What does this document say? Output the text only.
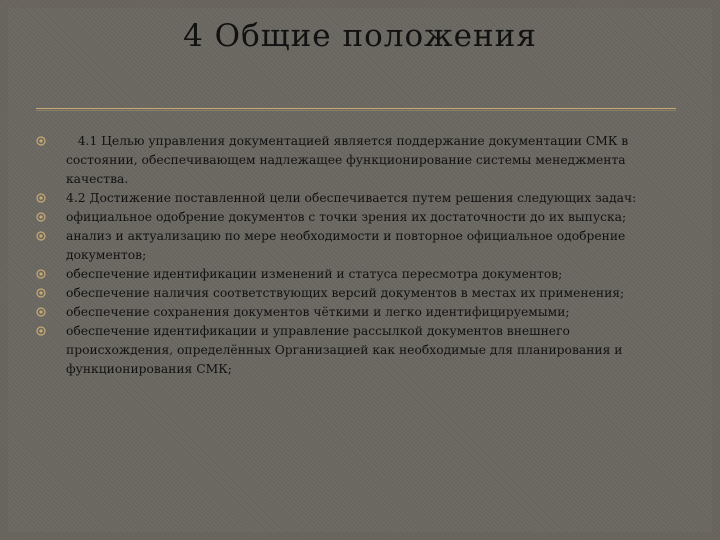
4 Общие положения
4.1 Целью управления документацией является поддержание документации СМК в состоянии, обеспечивающем надлежащее функционирование системы менеджмента качества.
4.2 Достижение поставленной цели обеспечивается путем решения следующих задач:
официальное одобрение документов с точки зрения их достаточности до их выпуска;
анализ и актуализацию по мере необходимости и повторное официальное одобрение документов;
обеспечение идентификации изменений и статуса пересмотра документов;
обеспечение наличия соответствующих версий документов в местах их применения;
обеспечение сохранения документов чёткими и легко идентифицируемыми;
обеспечение идентификации и управление рассылкой документов внешнего происхождения, определённых Организацией как необходимые для планирования и функционирования СМК;
